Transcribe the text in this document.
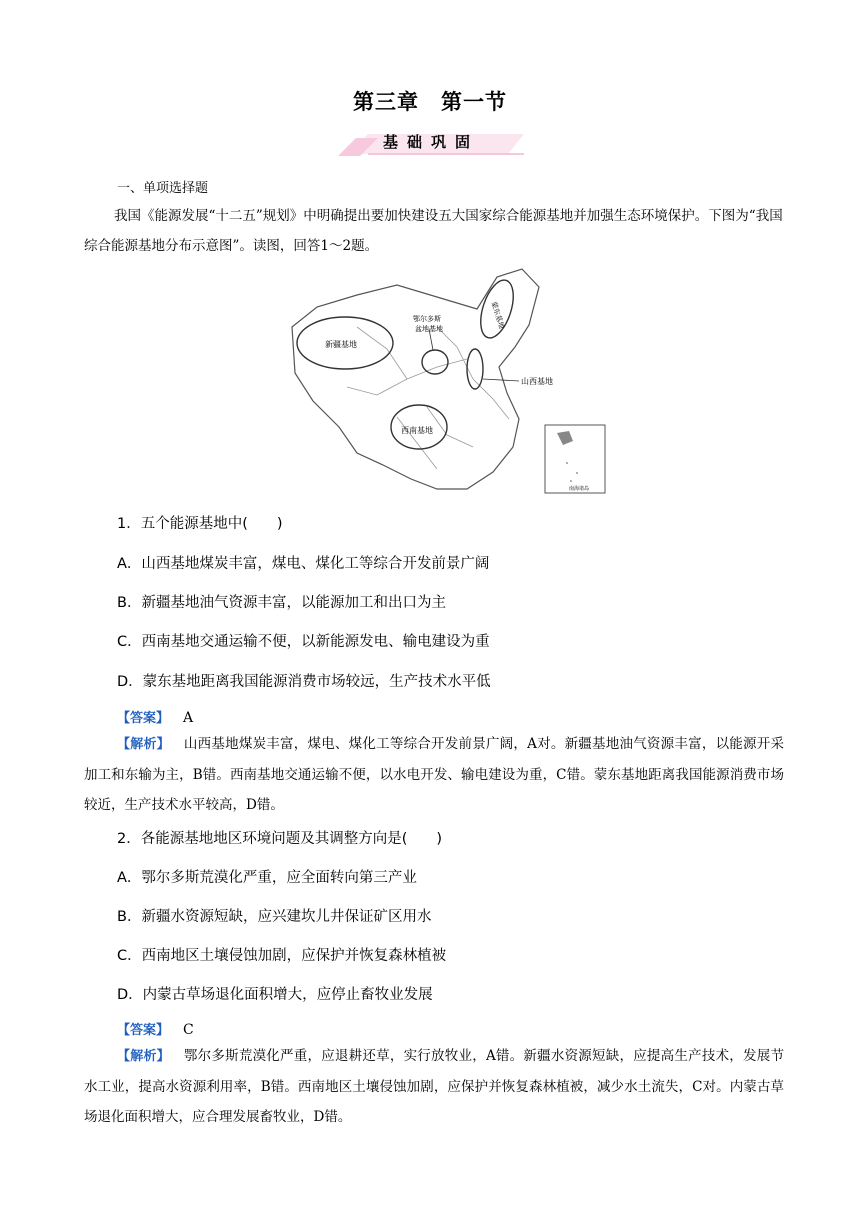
第三章　第一节
基础巩固
一、单项选择题
我国《能源发展“十二五”规划》中明确提出要加快建设五大国家综合能源基地并加强生态环境保护。下图为“我国综合能源基地分布示意图”。读图，回答1～2题。
新疆基地
鄂尔多斯
盆地基地	蒙东基地
山西基地
西南基地
南海诸岛
1．五个能源基地中(　　)
A．山西基地煤炭丰富，煤电、煤化工等综合开发前景广阔
B．新疆基地油气资源丰富，以能源加工和出口为主
C．西南基地交通运输不便，以新能源发电、输电建设为重
D．蒙东基地距离我国能源消费市场较远，生产技术水平低
【答案】 A
【解析】 山西基地煤炭丰富，煤电、煤化工等综合开发前景广阔，A对。新疆基地油气资源丰富，以能源开采加工和东输为主，B错。西南基地交通运输不便，以水电开发、输电建设为重，C错。蒙东基地距离我国能源消费市场较近，生产技术水平较高，D错。
2．各能源基地地区环境问题及其调整方向是(　　)
A．鄂尔多斯荒漠化严重，应全面转向第三产业
B．新疆水资源短缺，应兴建坎儿井保证矿区用水
C．西南地区土壤侵蚀加剧，应保护并恢复森林植被
D．内蒙古草场退化面积增大，应停止畜牧业发展
【答案】 C
【解析】 鄂尔多斯荒漠化严重，应退耕还草，实行放牧业，A错。新疆水资源短缺，应提高生产技术，发展节水工业，提高水资源利用率，B错。西南地区土壤侵蚀加剧，应保护并恢复森林植被，减少水土流失，C对。内蒙古草场退化面积增大，应合理发展畜牧业，D错。
